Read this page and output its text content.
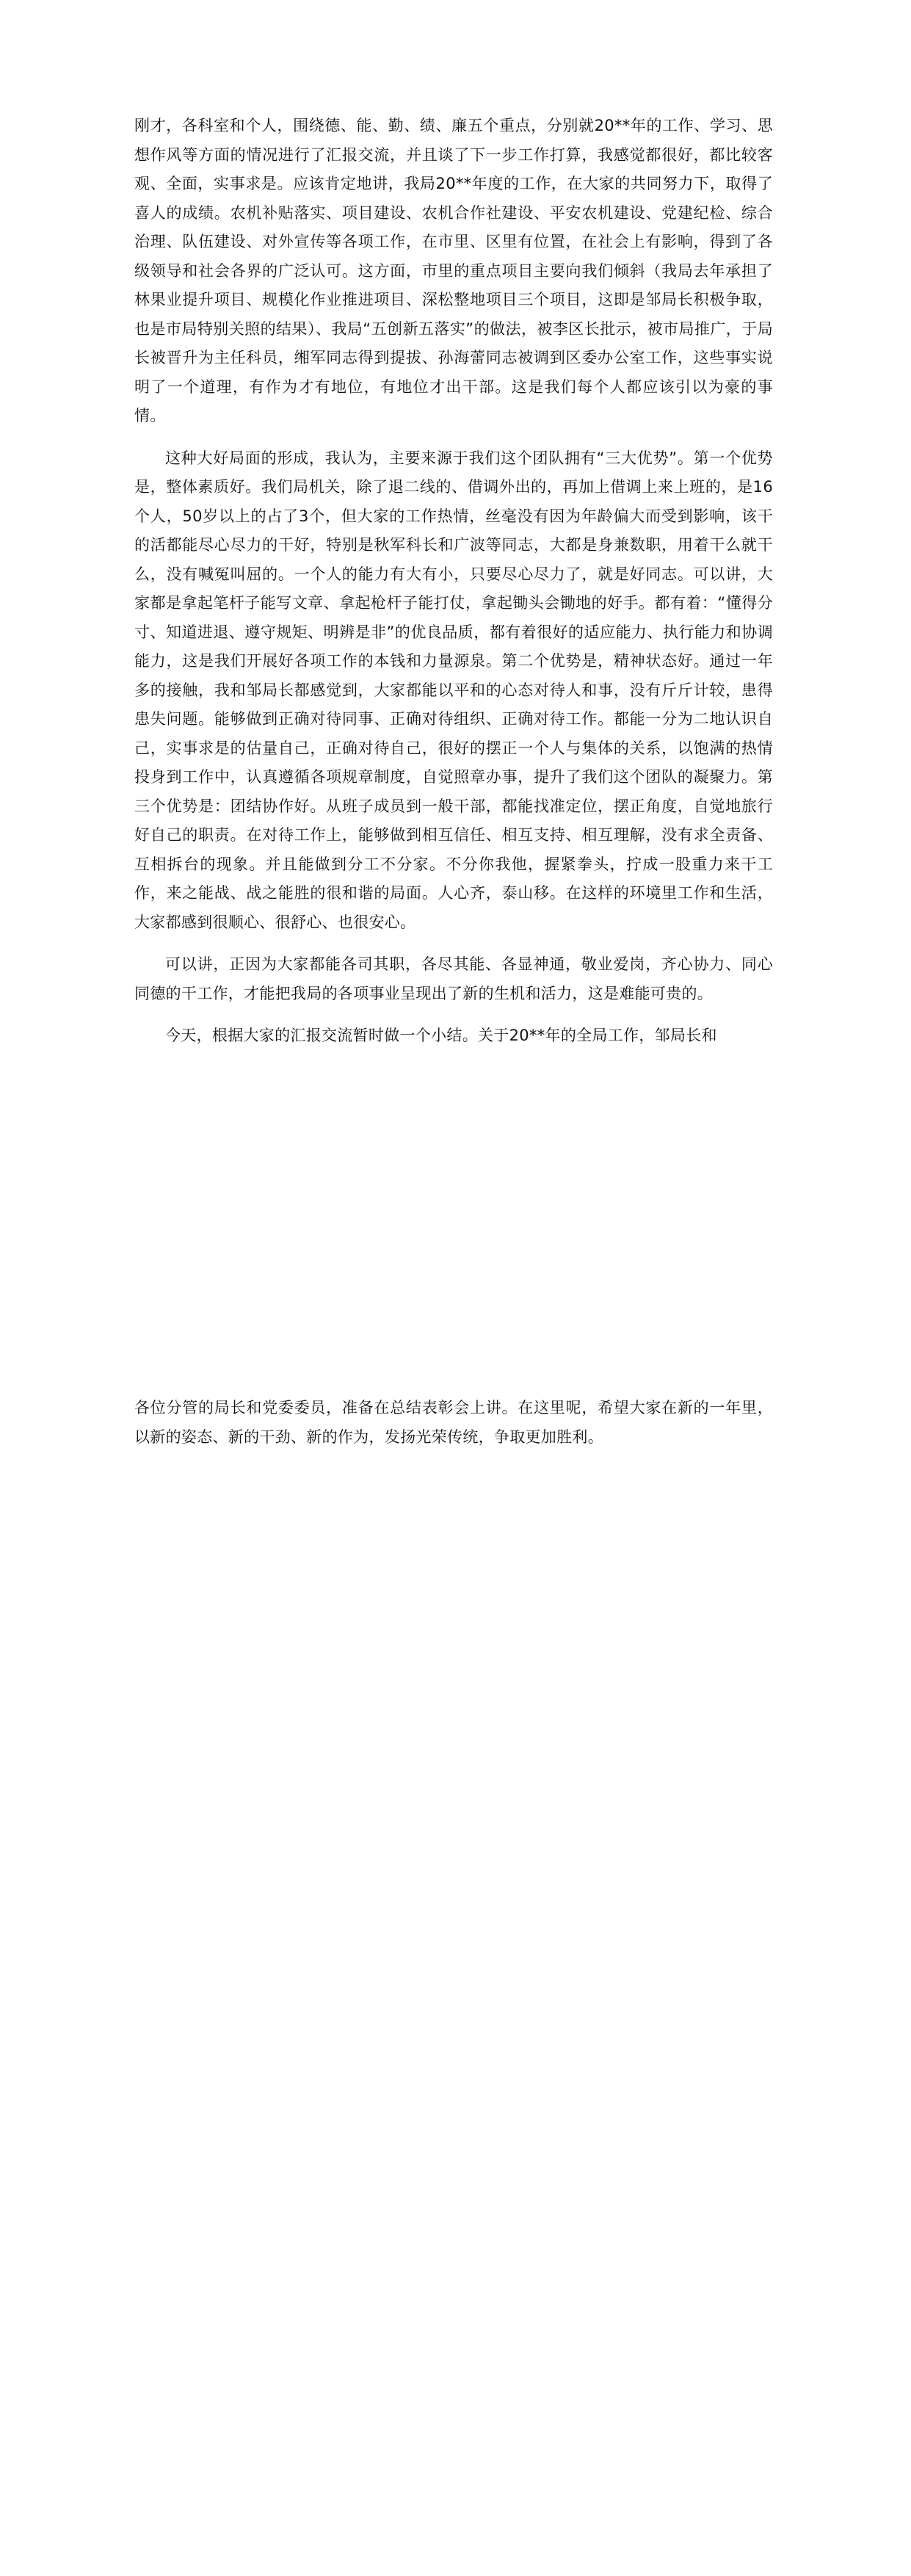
刚才，各科室和个人，围绕德、能、勤、绩、廉五个重点，分别就20**年的工作、学习、思想作风等方面的情况进行了汇报交流，并且谈了下一步工作打算，我感觉都很好，都比较客观、全面，实事求是。应该肯定地讲，我局20**年度的工作，在大家的共同努力下，取得了喜人的成绩。农机补贴落实、项目建设、农机合作社建设、平安农机建设、党建纪检、综合治理、队伍建设、对外宣传等各项工作，在市里、区里有位置，在社会上有影响，得到了各级领导和社会各界的广泛认可。这方面，市里的重点项目主要向我们倾斜（我局去年承担了林果业提升项目、规模化作业推进项目、深松整地项目三个项目，这即是邹局长积极争取，也是市局特别关照的结果）、我局“五创新五落实”的做法，被李区长批示，被市局推广，于局长被晋升为主任科员，缃军同志得到提拔、孙海蕾同志被调到区委办公室工作，这些事实说明了一个道理，有作为才有地位，有地位才出干部。这是我们每个人都应该引以为豪的事情。

这种大好局面的形成，我认为，主要来源于我们这个团队拥有“三大优势”。第一个优势是，整体素质好。我们局机关，除了退二线的、借调外出的，再加上借调上来上班的，是16个人，50岁以上的占了3个，但大家的工作热情，丝毫没有因为年龄偏大而受到影响，该干的活都能尽心尽力的干好，特别是秋军科长和广波等同志，大都是身兼数职，用着干么就干么，没有喊冤叫屈的。一个人的能力有大有小，只要尽心尽力了，就是好同志。可以讲，大家都是拿起笔杆子能写文章、拿起枪杆子能打仗，拿起锄头会锄地的好手。都有着：“懂得分寸、知道进退、遵守规矩、明辨是非”的优良品质，都有着很好的适应能力、执行能力和协调能力，这是我们开展好各项工作的本钱和力量源泉。第二个优势是，精神状态好。通过一年多的接触，我和邹局长都感觉到，大家都能以平和的心态对待人和事，没有斤斤计较，患得患失问题。能够做到正确对待同事、正确对待组织、正确对待工作。都能一分为二地认识自己，实事求是的估量自己，正确对待自己，很好的摆正一个人与集体的关系，以饱满的热情投身到工作中，认真遵循各项规章制度，自觉照章办事，提升了我们这个团队的凝聚力。第三个优势是：团结协作好。从班子成员到一般干部，都能找准定位，摆正角度，自觉地旅行好自己的职责。在对待工作上，能够做到相互信任、相互支持、相互理解，没有求全责备、互相拆台的现象。并且能做到分工不分家。不分你我他，握紧拳头，拧成一股重力来干工作，来之能战、战之能胜的很和谐的局面。人心齐，泰山移。在这样的环境里工作和生活，大家都感到很顺心、很舒心、也很安心。

可以讲，正因为大家都能各司其职，各尽其能、各显神通，敬业爱岗，齐心协力、同心同德的干工作，才能把我局的各项事业呈现出了新的生机和活力，这是难能可贵的。

今天，根据大家的汇报交流暂时做一个小结。关于20**年的全局工作，邹局长和

各位分管的局长和党委委员，准备在总结表彰会上讲。在这里呢，希望大家在新的一年里，以新的姿态、新的干劲、新的作为，发扬光荣传统，争取更加胜利。
